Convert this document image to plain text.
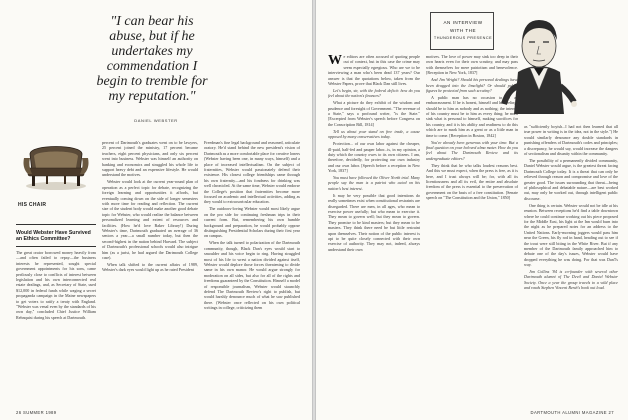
"I can bear his abuse, but if he undertakes my commendation I begin to tremble for my reputation."
DANIEL WEBSTER
HIS CHAIR
Would Webster Have Survived an Ethics Committee?

The great orator borrowed money heavily from—and often failed to repay—the business interests he represented, sought special government appointments for his sons, came perilously close to conflicts of interest between legislation and his own interconnected real estate dealings, and, as Secretary of State, used $12,000 in federal funds while waging a secret propaganda campaign in the Maine newspapers to get voters to ratify a treaty with England. "Webster was venal even by the standards of his own day," concluded Chief Justice William Rehnquist during his speech at Dartmouth.

percent of Dartmouth's graduates went on to be lawyers, 25 percent joined the ministry, 17 percent became teachers, eight percent physicians, and only six percent went into business. Webster was himself an authority on banking and economics and struggled his whole life to support heavy debt and an expensive lifestyle. He would understand the motives.

Webster would look at the current year-round plan of operation as a perfect topic for debate, recognizing the foreign learning and opportunities it affords, but eventually coming down on the side of longer semesters with more time for reading and reflection. The current size of the student body would make another good debate topic for Webster, who would realize the balance between personalized learning and extent of resources and facilities. (How he'd love Baker Library!) During Webster's time, Dartmouth graduated an average of 36 seniors a year—a small number today, but then the second-highest in the nation behind Harvard. The subject of Dartmouth's professional schools would also intrigue him (as a jurist, he had argued the Dartmouth College case).

When talk shifted to the current affairs of 1989, Webster's dark eyes would light up as he rated President

Freedman's fine legal background and reasoned, articulate oratory. He'd stand behind the new president's vision of Dartmouth as a more comfortable place for creative loners (Webster having been one, in many ways, himself) and a place of increased intellectualism. On the subject of fraternities, Webster would passionately defend their existence. His closest college friendships came through his own fraternity—and his fondness for drinking was well chronicled. At the same time, Webster would endorse the College's position that fraternities become more focused on academic and intellectual activities, adding as they would to extracurricular education.

The outdoors-loving Webster would most likely argue on the pro side for continuing freshman trips in their current form. But, remembering his own humble background and preparation, he would probably oppose distinguishing Presidential Scholars during their first year on campus.

When the talk turned to polarization of the Dartmouth community, though, Black Dan's eyes would start to smoulder and his voice begin to ring. Having struggled most of his life to wrest a nation divided against itself, Webster would deplore those forces threatening to divide same in his own manor. He would argue strongly for moderation on all sides, but also for all of the rights and freedoms guaranteed by the Constitution. Himself a model of responsible journalism, Webster would staunchly defend The Dartmouth Review's right to publish, but would harshly denounce much of what he saw published there. (Webster once reflected on his own political writings in college, criticizing them

26 SUMMER 1989
AN INTERVIEW
WITH THE
THUNDEROUS PRESENCE

We editors are often accused of quoting people out of context, but in this case the crime may seem especially egregious. Who are we to be interviewing a man who's been dead 137 years? Our answer is that the quotations below, taken from the Webster Papers, prove that Black Dan still lives.

Let's begin, sir, with the federal deficit: how do you feel about the nation's finances?

What a picture do they exhibit of the wisdom and prudence and foresight of Government. "The revenue of a State," says a profound writer, "is the State." [Excerpted from Webster's speech before Congress on the Conscription Bill, 1814]

Tell us about your stand on free trade, a cause opposed by many conservatives today.

Protection... of our own labor against the cheaper, ill-paid, half-fed and pauper labor...is, in my opinion, a duty which the country owes to its own citizens. I am, therefore, decidedly, for protecting our own industry and our own labor. [Speech before a reception in New York, 1837]

You must have followed the Oliver North trial. Many people say the man is a patriot who acted on his nation's best interest.

It may be very possible that good intentions do really sometimes exist when constitutional restraints are disregarded. There are men, in all ages, who mean to exercise power usefully; but who mean to exercise it. They mean to govern well; but they mean to govern. They promise to be kind masters; but they mean to be masters. They think there need be but little restraint upon themselves. Their notion of the public interest is apt to be quite closely connected with their own exercise of authority. They may not, indeed, always understand their own

motives. The love of power may sink too deep in their own hearts even for their own scrutiny, and may pass with themselves for mere patriotism and benevolence. [Reception in New York, 1837]

And Jim Wright? Should his personal dealings have been dragged into the limelight? Or should public figures be protected from such scrutiny?

A public man has no occasion to be an embarrassment. If he is honest, himself and his feelings should be to him as nobody and as nothing; the interest of his country must be to him as every thing; he must sink what is personal to himself, making sacrifices for his country, and it is his ability and readiness to do this which are to mark him as a great or as a little man in time to come. [Reception in Boston, 1842]

You've already been generous with your time. But a final question on your beloved alma mater. How do you feel about The Dartmouth Review and its undergraduate editors?

They think that he who talks loudest reasons best. And this we must expect, when the press is free, as it is here, and I trust always will be; for, with all its licentiousness and all its evil, the entire and absolute freedom of the press is essential to the preservation of government on the basis of a free constitution. [Senate speech on "The Constitution and the Union," 1850]

as "sufficiently boyish...I had not then learned that all true power in writing is in the idea, not in the style.") He would similarly denounce any double standards in punishing offenders of Dartmouth's codes and principles; a discrepancy, he would say, would increase the dangers of sectionalism and disunity within the community.

The possibility of a permanently divided community, Daniel Webster would argue, is the greatest threat facing Dartmouth College today. It is a threat that can only be relieved through reason and compromise and love of the greater good. The issues surrounding that threat—being of philosophical and debatable nature—are best worked out, may only be worked out, through intelligent public discourse.

One thing is certain. Webster would not be idle at his reunion. Between receptions he'd find a table downtown where he could continue working out his piece proposed for the Middle East, his light at the Inn would burn into the night as he prepared notes for an address to the United Nations. Early-morning joggers would pass him near the Green, his fly rod in hand, heading out to see if the trout were still biting in the White River. But if any member of the Dartmouth family approached him to debate one of the day's issues, Webster would have dropped everything he was doing. For that was Dan'l's way.

Jim Collins '84 is co-founder with several other Dartmouth alumni of The Devil and Daniel Webster Society. Once a year the group travels to a wild place and reads Stephen Vincent Benét's book out loud.

DARTMOUTH ALUMNI MAGAZINE 27
